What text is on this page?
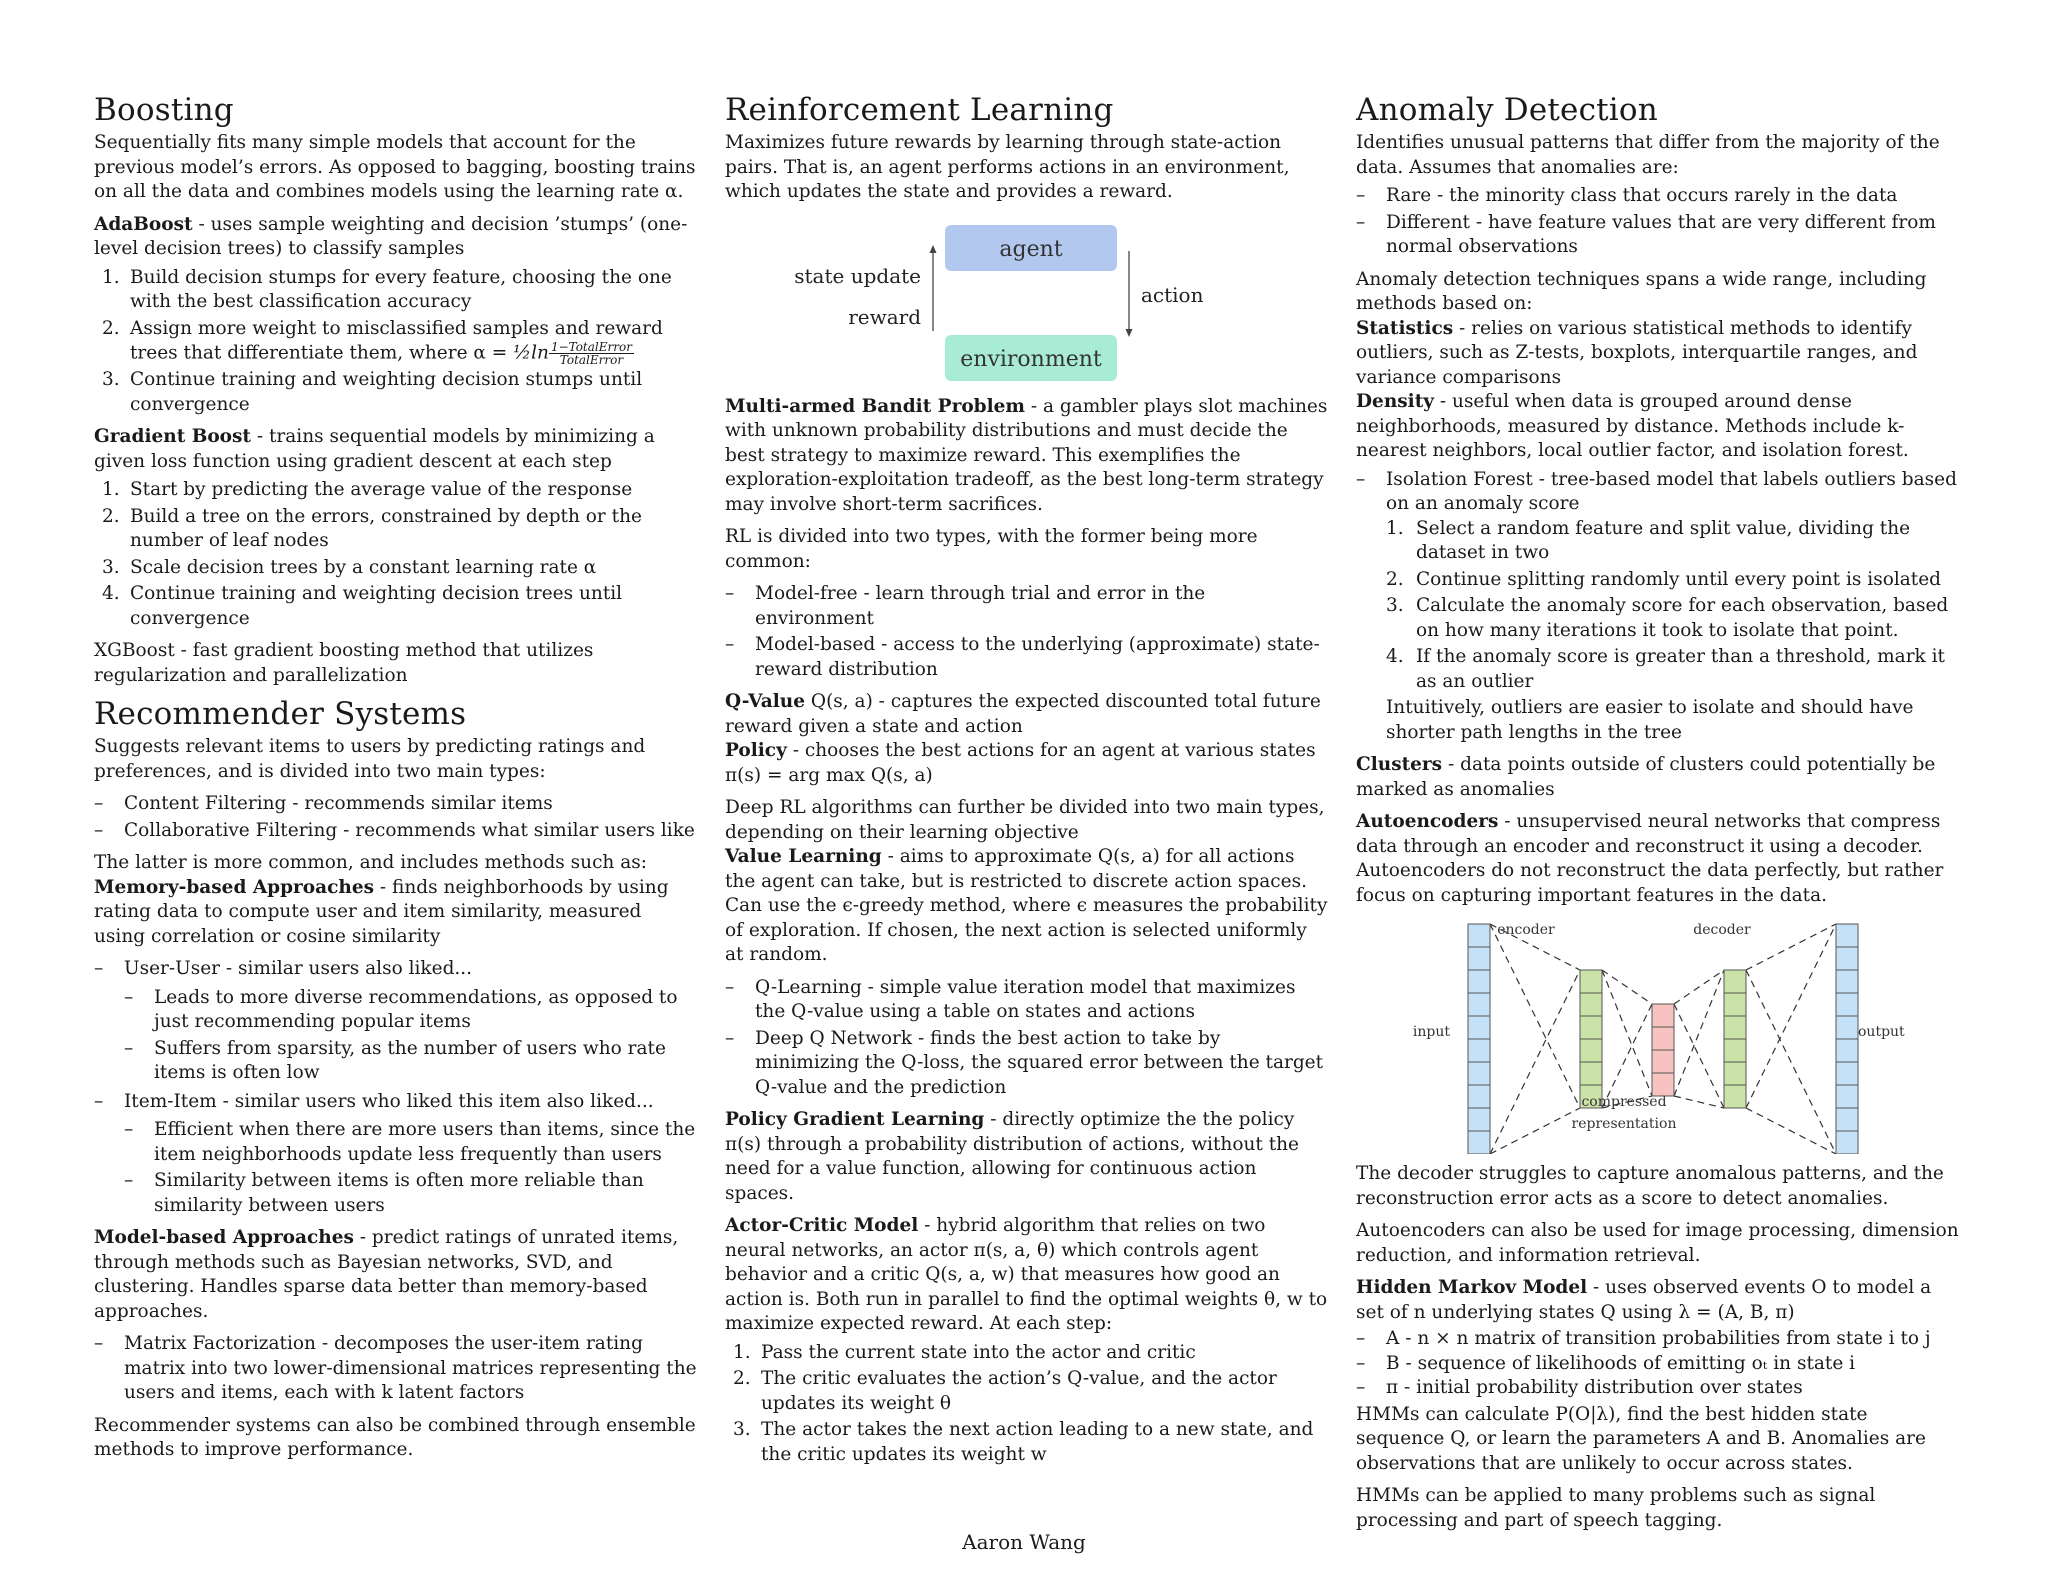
Boosting

Sequentially fits many simple models that account for the previous model’s errors. As opposed to bagging, boosting trains on all the data and combines models using the learning rate α.

AdaBoost - uses sample weighting and decision ’stumps’ (one-level decision trees) to classify samples

1. Build decision stumps for every feature, choosing the one with the best classification accuracy
2. Assign more weight to misclassified samples and reward trees that differentiate them, where α = ½ln $\frac{\text{1−TotalError}}{\text{TotalError}}$
3. Continue training and weighting decision stumps until convergence

Gradient Boost - trains sequential models by minimizing a given loss function using gradient descent at each step

1. Start by predicting the average value of the response
2. Build a tree on the errors, constrained by depth or the number of leaf nodes
3. Scale decision trees by a constant learning rate α
4. Continue training and weighting decision trees until convergence

XGBoost - fast gradient boosting method that utilizes regularization and parallelization

Recommender Systems

Suggests relevant items to users by predicting ratings and preferences, and is divided into two main types:

– Content Filtering - recommends similar items
– Collaborative Filtering - recommends what similar users like

The latter is more common, and includes methods such as:

Memory-based Approaches - finds neighborhoods by using rating data to compute user and item similarity, measured using correlation or cosine similarity

– User-User - similar users also liked...
– Leads to more diverse recommendations, as opposed to just recommending popular items
– Suffers from sparsity, as the number of users who rate items is often low
– Item-Item - similar users who liked this item also liked...
– Efficient when there are more users than items, since the item neighborhoods update less frequently than users
– Similarity between items is often more reliable than similarity between users

Model-based Approaches - predict ratings of unrated items, through methods such as Bayesian networks, SVD, and clustering. Handles sparse data better than memory-based approaches.

– Matrix Factorization - decomposes the user-item rating matrix into two lower-dimensional matrices representing the users and items, each with k latent factors

Recommender systems can also be combined through ensemble methods to improve performance.

Reinforcement Learning

Maximizes future rewards by learning through state-action pairs. That is, an agent performs actions in an environment, which updates the state and provides a reward.

agent
environment
state update
reward
action

Multi-armed Bandit Problem - a gambler plays slot machines with unknown probability distributions and must decide the best strategy to maximize reward. This exemplifies the exploration-exploitation tradeoff, as the best long-term strategy may involve short-term sacrifices.

RL is divided into two types, with the former being more common:

– Model-free - learn through trial and error in the environment
– Model-based - access to the underlying (approximate) state-reward distribution

Q-Value Q(s, a) - captures the expected discounted total future reward given a state and action

Policy - chooses the best actions for an agent at various states π(s) = arg max Q(s, a)

Deep RL algorithms can further be divided into two main types, depending on their learning objective

Value Learning - aims to approximate Q(s, a) for all actions the agent can take, but is restricted to discrete action spaces. Can use the ϵ-greedy method, where ϵ measures the probability of exploration. If chosen, the next action is selected uniformly at random.

– Q-Learning - simple value iteration model that maximizes the Q-value using a table on states and actions
– Deep Q Network - finds the best action to take by minimizing the Q-loss, the squared error between the target Q-value and the prediction

Policy Gradient Learning - directly optimize the the policy π(s) through a probability distribution of actions, without the need for a value function, allowing for continuous action spaces.

Actor-Critic Model - hybrid algorithm that relies on two neural networks, an actor π(s, a, θ) which controls agent behavior and a critic Q(s, a, w) that measures how good an action is. Both run in parallel to find the optimal weights θ, w to maximize expected reward. At each step:

1. Pass the current state into the actor and critic
2. The critic evaluates the action’s Q-value, and the actor updates its weight θ
3. The actor takes the next action leading to a new state, and the critic updates its weight w
Anomaly Detection

Identifies unusual patterns that differ from the majority of the data. Assumes that anomalies are:

– Rare - the minority class that occurs rarely in the data
– Different - have feature values that are very different from normal observations

Anomaly detection techniques spans a wide range, including methods based on:

Statistics - relies on various statistical methods to identify outliers, such as Z-tests, boxplots, interquartile ranges, and variance comparisons

Density - useful when data is grouped around dense neighborhoods, measured by distance. Methods include k-nearest neighbors, local outlier factor, and isolation forest.

– Isolation Forest - tree-based model that labels outliers based on an anomaly score
1. Select a random feature and split value, dividing the dataset in two
2. Continue splitting randomly until every point is isolated
3. Calculate the anomaly score for each observation, based on how many iterations it took to isolate that point.
4. If the anomaly score is greater than a threshold, mark it as an outlier
Intuitively, outliers are easier to isolate and should have shorter path lengths in the tree

Clusters - data points outside of clusters could potentially be marked as anomalies

Autoencoders - unsupervised neural networks that compress data through an encoder and reconstruct it using a decoder. Autoencoders do not reconstruct the data perfectly, but rather focus on capturing important features in the data.

input	output
encoder	decoder
compressed
representation

The decoder struggles to capture anomalous patterns, and the reconstruction error acts as a score to detect anomalies.

Autoencoders can also be used for image processing, dimension reduction, and information retrieval.

Hidden Markov Model - uses observed events O to model a set of n underlying states Q using λ = (A, B, π)

– A - n × n matrix of transition probabilities from state i to j
– B - sequence of likelihoods of emitting oₜ in state i
– π - initial probability distribution over states

HMMs can calculate P(O|λ), find the best hidden state sequence Q, or learn the parameters A and B. Anomalies are observations that are unlikely to occur across states.

HMMs can be applied to many problems such as signal processing and part of speech tagging.

Aaron Wang
